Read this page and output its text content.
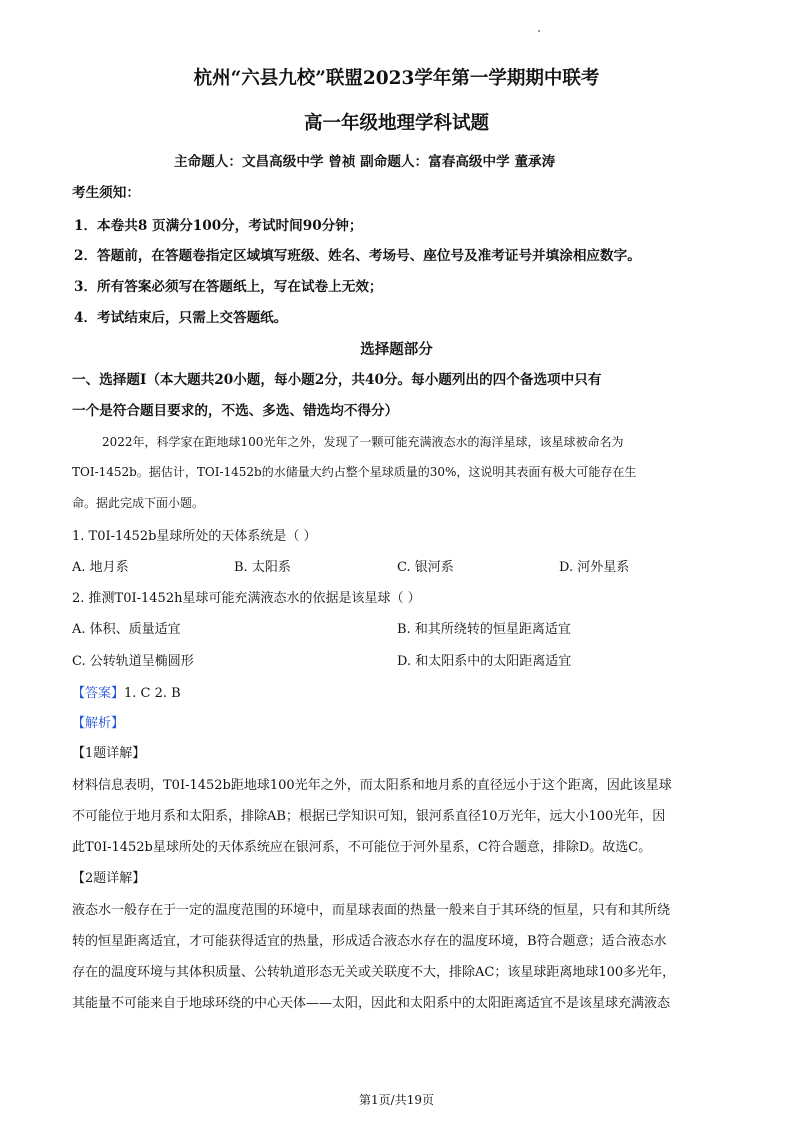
杭州“六县九校”联盟2023学年第一学期期中联考
高一年级地理学科试题
主命题人：文昌高级中学 曾祯 副命题人：富春高级中学 董承涛
考生须知：
1．本卷共8 页满分100分，考试时间90分钟；
2．答题前，在答题卷指定区域填写班级、姓名、考场号、座位号及准考证号并填涂相应数字。
3．所有答案必须写在答题纸上，写在试卷上无效；
4．考试结束后，只需上交答题纸。
选择题部分
一、选择题Ⅰ（本大题共20小题，每小题2分，共40分。每小题列出的四个备选项中只有
一个是符合题目要求的，不选、多选、错选均不得分）
2022年，科学家在距地球100光年之外，发现了一颗可能充满液态水的海洋星球，该星球被命名为
TOI-1452b。据估计，TOI-1452b的水储量大约占整个星球质量的30%，这说明其表面有极大可能存在生
命。据此完成下面小题。
1. T0I-1452b星球所处的天体系统是（ ）
A. 地月系	B. 太阳系	C. 银河系	D. 河外星系
2. 推测T0I-1452h星球可能充满液态水的依据是该星球（ ）
A. 体积、质量适宜	B. 和其所绕转的恒星距离适宜
C. 公转轨道呈椭圆形	D. 和太阳系中的太阳距离适宜
【答案】1. C 2. B
【解析】
【1题详解】
材料信息表明，T0I-1452b距地球100光年之外，而太阳系和地月系的直径远小于这个距离，因此该星球
不可能位于地月系和太阳系，排除AB；根据已学知识可知，银河系直径10万光年，远大小100光年，因
此T0I-1452b星球所处的天体系统应在银河系，不可能位于河外星系，C符合题意，排除D。故选C。
【2题详解】
液态水一般存在于一定的温度范围的环境中，而星球表面的热量一般来自于其环绕的恒星，只有和其所绕
转的恒星距离适宜，才可能获得适宜的热量，形成适合液态水存在的温度环境，B符合题意；适合液态水
存在的温度环境与其体积质量、公转轨道形态无关或关联度不大，排除AC；该星球距离地球100多光年，
其能量不可能来自于地球环绕的中心天体——太阳，因此和太阳系中的太阳距离适宜不是该星球充满液态
第1页/共19页
